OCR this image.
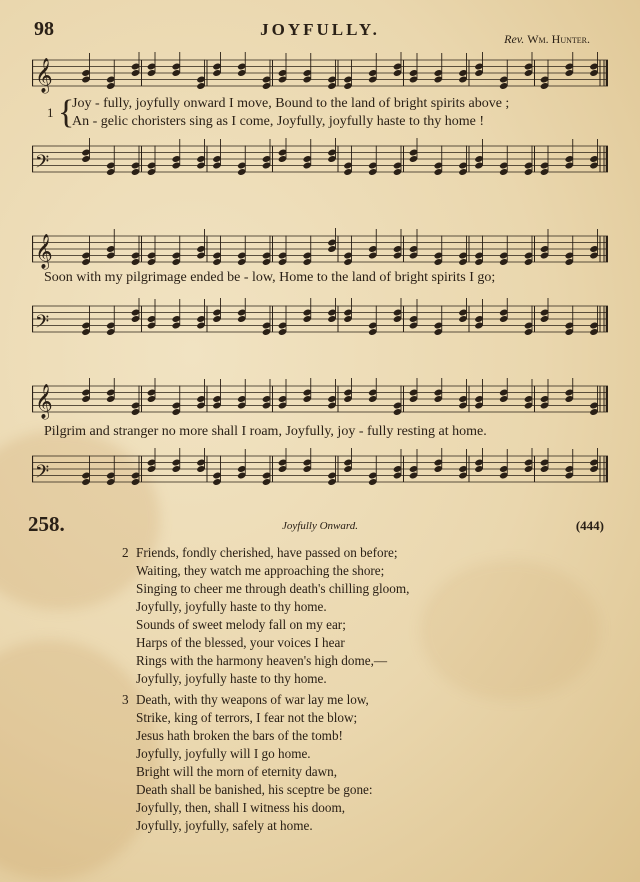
98	JOYFULLY.	Rev. Wm. Hunter.
𝄞
𝄢
1 {
Joy - fully, joyfully onward I move, Bound to the land of bright spirits above ;
An - gelic choristers sing as I come, Joyfully, joyfully haste to thy home !
𝄞
𝄢
Soon with my pilgrimage ended be - low, Home to the land of bright spirits I go;
𝄞
𝄢
Pilgrim and stranger no more shall I roam, Joyfully, joy - fully resting at home.
258.	Joyfully Onward.	(444)
2 Friends, fondly cherished, have passed on before;
Waiting, they watch me approaching the shore;
Singing to cheer me through death's chilling gloom,
Joyfully, joyfully haste to thy home.
Sounds of sweet melody fall on my ear;
Harps of the blessed, your voices I hear
Rings with the harmony heaven's high dome,—
Joyfully, joyfully haste to thy home.
3 Death, with thy weapons of war lay me low,
Strike, king of terrors, I fear not the blow;
Jesus hath broken the bars of the tomb!
Joyfully, joyfully will I go home.
Bright will the morn of eternity dawn,
Death shall be banished, his sceptre be gone:
Joyfully, then, shall I witness his doom,
Joyfully, joyfully, safely at home.
